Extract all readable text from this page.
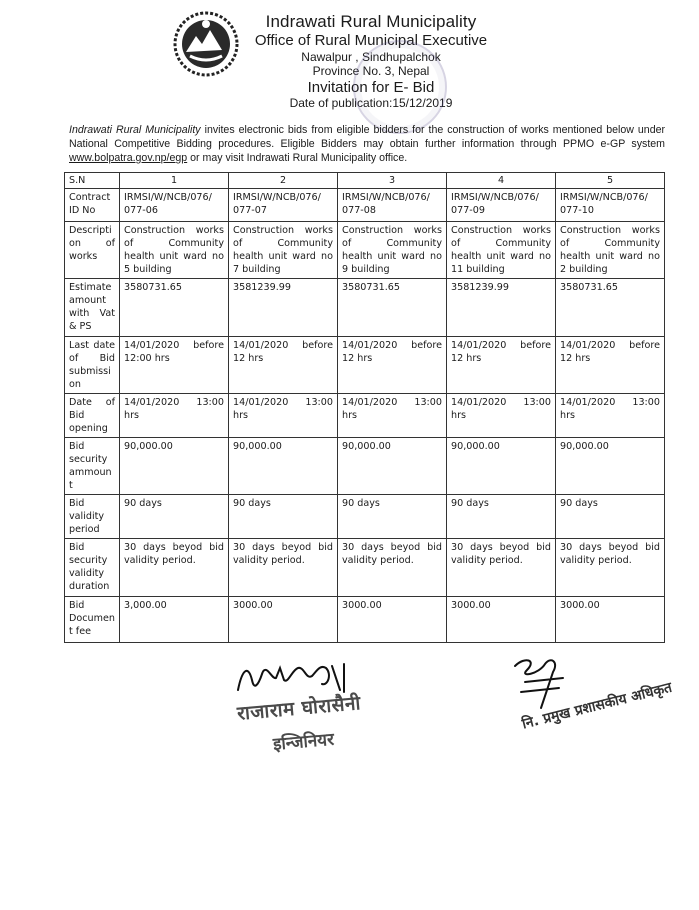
Indrawati Rural Municipality
Office of Rural Municipal Executive
Nawalpur , Sindhupalchok
Province No. 3, Nepal
Invitation for E- Bid
Date of publication:15/12/2019
Indrawati Rural Municipality invites electronic bids from eligible bidders for the construction of works mentioned below under National Competitive Bidding procedures. Eligible Bidders may obtain further information through PPMO e-GP system www.bolpatra.gov.np/egp or may visit Indrawati Rural Municipality office.
S.N	1	2	3	4	5
Contract ID No	IRMSI/W/NCB/076/ 077-06	IRMSI/W/NCB/076/ 077-07	IRMSI/W/NCB/076/ 077-08	IRMSI/W/NCB/076/ 077-09	IRMSI/W/NCB/076/ 077-10
Description of works	Construction works of Community health unit ward no 5 building	Construction works of Community health unit ward no 7 building	Construction works of Community health unit ward no 9 building	Construction works of Community health unit ward no 11 building	Construction works of Community health unit ward no 2 building
Estimate amount with Vat & PS	3580731.65	3581239.99	3580731.65	3581239.99	3580731.65
Last date of Bid submission	14/01/2020 before 12:00 hrs	14/01/2020 before 12 hrs	14/01/2020 before 12 hrs	14/01/2020 before 12 hrs	14/01/2020 before 12 hrs
Date of Bid opening	14/01/2020 13:00 hrs	14/01/2020 13:00 hrs	14/01/2020 13:00 hrs	14/01/2020 13:00 hrs	14/01/2020 13:00 hrs
Bid security ammount	90,000.00	90,000.00	90,000.00	90,000.00	90,000.00
Bid validity period	90 days	90 days	90 days	90 days	90 days
Bid security validity duration	30 days beyod bid validity period.	30 days beyod bid validity period.	30 days beyod bid validity period.	30 days beyod bid validity period.	30 days beyod bid validity period.
Bid Document fee	3,000.00	3000.00	3000.00	3000.00	3000.00
राजाराम घोरासैनी
इन्जिनियर
नि. प्रमुख प्रशासकीय अधिकृत
